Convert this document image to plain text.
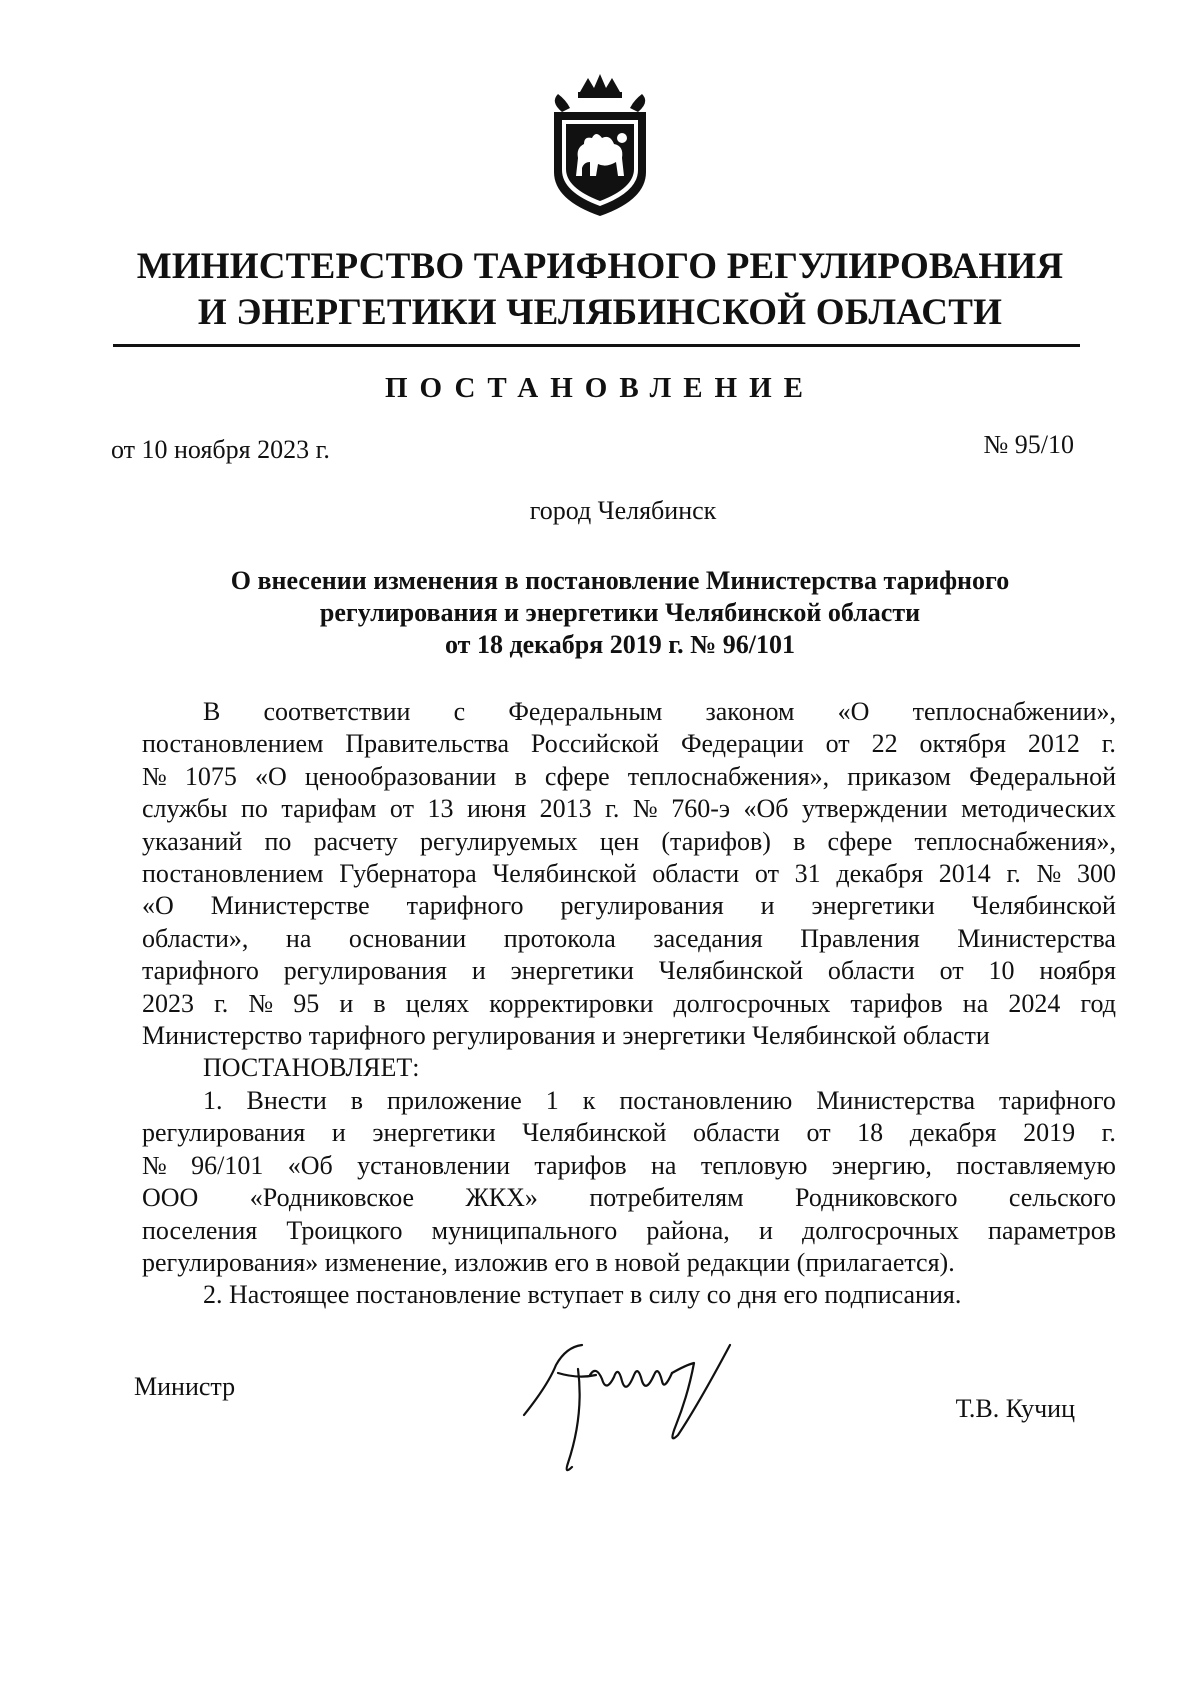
МИНИСТЕРСТВО ТАРИФНОГО РЕГУЛИРОВАНИЯ
И ЭНЕРГЕТИКИ ЧЕЛЯБИНСКОЙ ОБЛАСТИ
ПОСТАНОВЛЕНИЕ
от 10 ноября 2023 г.	№ 95/10
город Челябинск
О внесении изменения в постановление Министерства тарифного
регулирования и энергетики Челябинской области
от 18 декабря 2019 г. № 96/101
В соответствии с Федеральным законом «О теплоснабжении»,
постановлением Правительства Российской Федерации от 22 октября 2012 г.
№ 1075 «О ценообразовании в сфере теплоснабжения», приказом Федеральной
службы по тарифам от 13 июня 2013 г. № 760-э «Об утверждении методических
указаний по расчету регулируемых цен (тарифов) в сфере теплоснабжения»,
постановлением Губернатора Челябинской области от 31 декабря 2014 г. № 300
«О Министерстве тарифного регулирования и энергетики Челябинской
области», на основании протокола заседания Правления Министерства
тарифного регулирования и энергетики Челябинской области от 10 ноября
2023 г. № 95 и в целях корректировки долгосрочных тарифов на 2024 год
Министерство тарифного регулирования и энергетики Челябинской области
ПОСТАНОВЛЯЕТ:
1. Внести в приложение 1 к постановлению Министерства тарифного
регулирования и энергетики Челябинской области от 18 декабря 2019 г.
№ 96/101 «Об установлении тарифов на тепловую энергию, поставляемую
ООО «Родниковское ЖКХ» потребителям Родниковского сельского
поселения Троицкого муниципального района, и долгосрочных параметров
регулирования» изменение, изложив его в новой редакции (прилагается).
2. Настоящее постановление вступает в силу со дня его подписания.
Министр
Т.В. Кучиц
